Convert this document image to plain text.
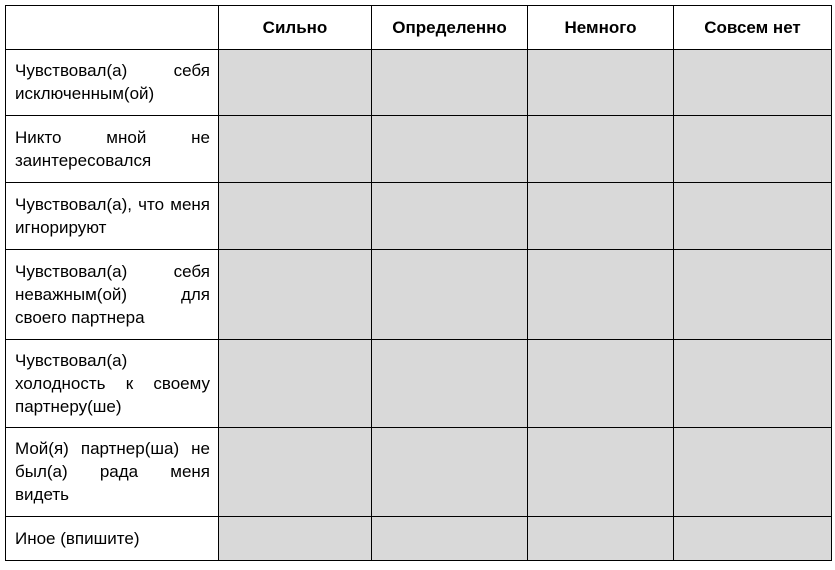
	Сильно	Определенно	Немного	Совсем нет
Чувствовал(а) себя исключенным(ой)				
Никто мной не заинтересовался				
Чувствовал(а), что меня игнорируют				
Чувствовал(а) себя неважным(ой) для своего партнера				
Чувствовал(а) холодность к своему партнеру(ше)				
Мой(я) партнер(ша) не был(а) рада меня видеть				
Иное (впишите)				
